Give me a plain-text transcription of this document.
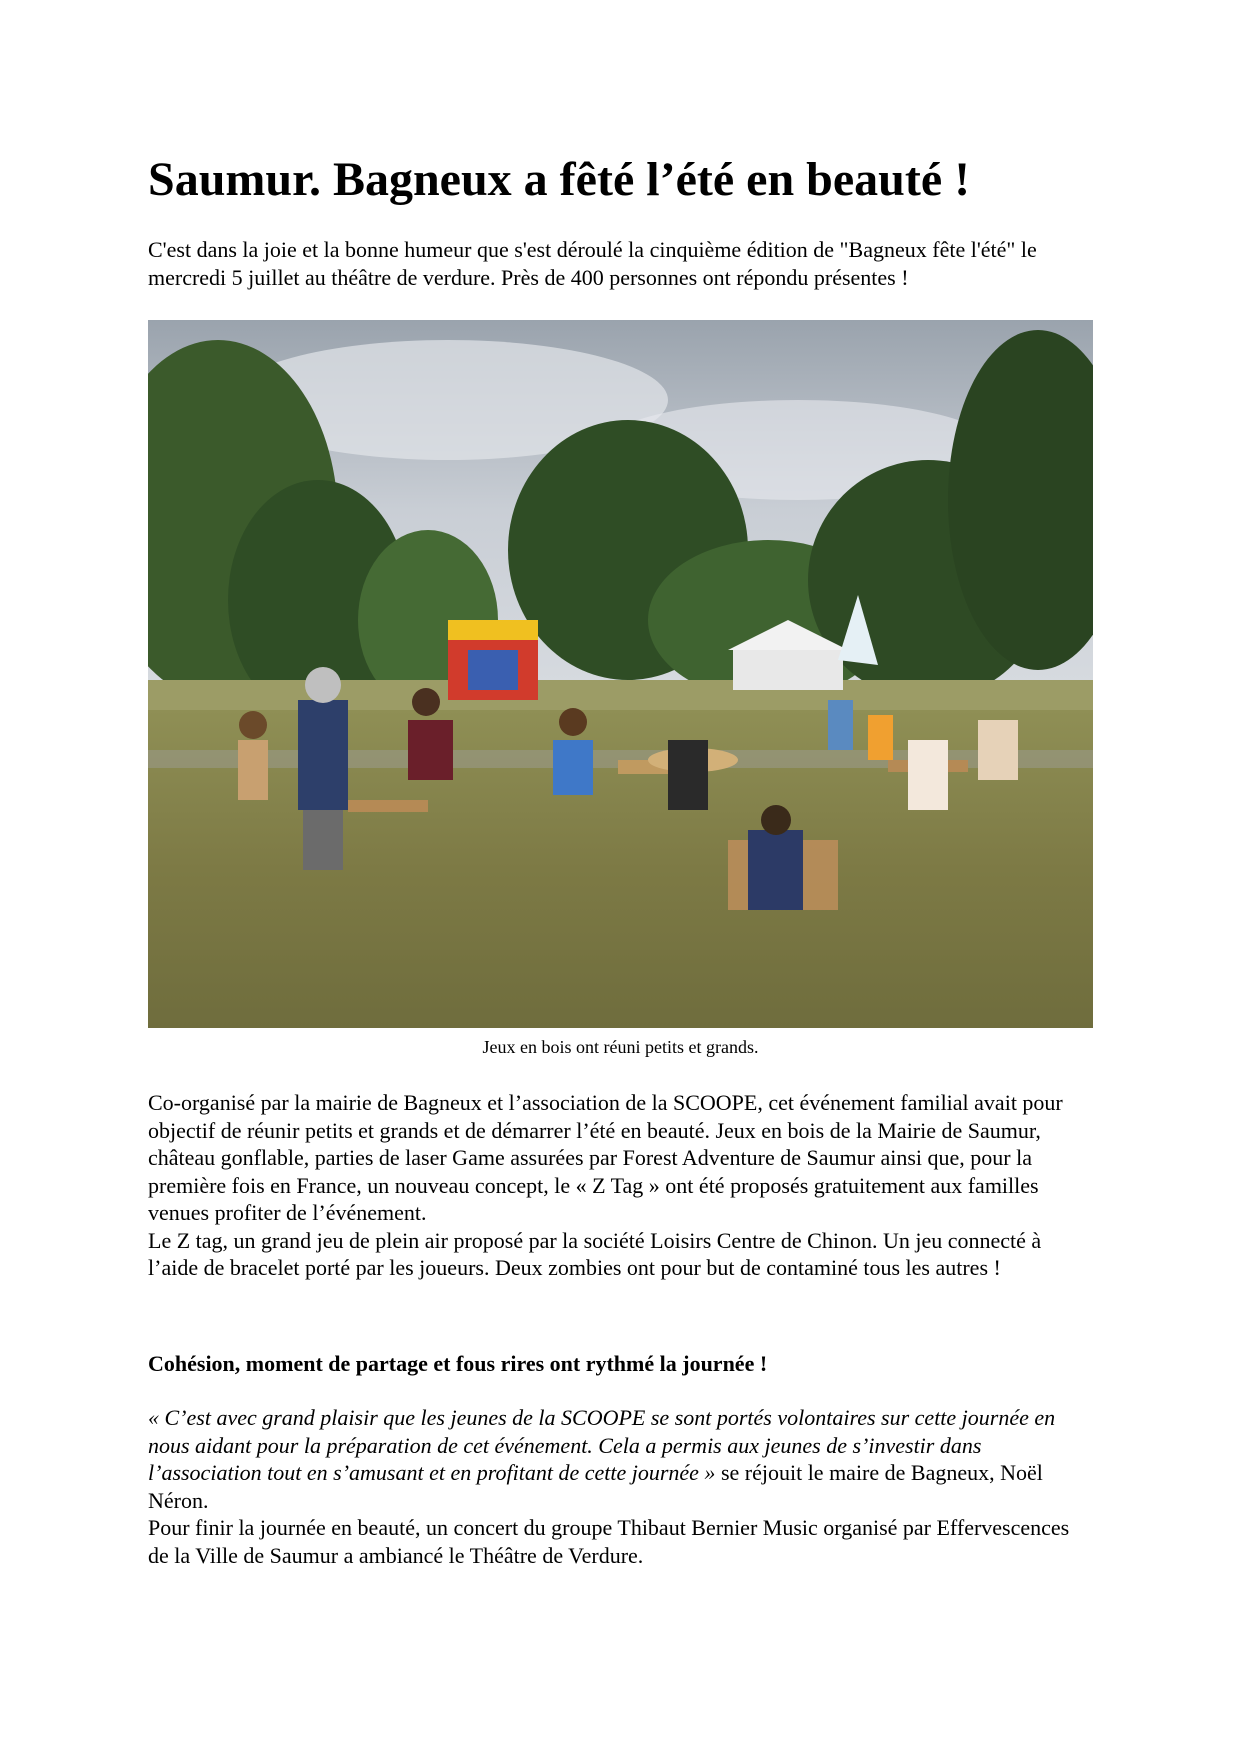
Saumur. Bagneux a fêté l’été en beauté !

C'est dans la joie et la bonne humeur que s'est déroulé la cinquième édition de "Bagneux fête l'été" le mercredi 5 juillet au théâtre de verdure. Près de 400 personnes ont répondu présentes !

Jeux en bois ont réuni petits et grands.

Co-organisé par la mairie de Bagneux et l’association de la SCOOPE, cet événement familial avait pour objectif de réunir petits et grands et de démarrer l’été en beauté. Jeux en bois de la Mairie de Saumur, château gonflable, parties de laser Game assurées par Forest Adventure de Saumur ainsi que, pour la première fois en France, un nouveau concept, le « Z Tag » ont été proposés gratuitement aux familles venues profiter de l’événement.
Le Z tag, un grand jeu de plein air proposé par la société Loisirs Centre de Chinon. Un jeu connecté à l’aide de bracelet porté par les joueurs. Deux zombies ont pour but de contaminé tous les autres !

Cohésion, moment de partage et fous rires ont rythmé la journée !

« C’est avec grand plaisir que les jeunes de la SCOOPE se sont portés volontaires sur cette journée en nous aidant pour la préparation de cet événement. Cela a permis aux jeunes de s’investir dans l’association tout en s’amusant et en profitant de cette journée » se réjouit le maire de Bagneux, Noël Néron.
Pour finir la journée en beauté, un concert du groupe Thibaut Bernier Music organisé par Effervescences de la Ville de Saumur a ambiancé le Théâtre de Verdure.
